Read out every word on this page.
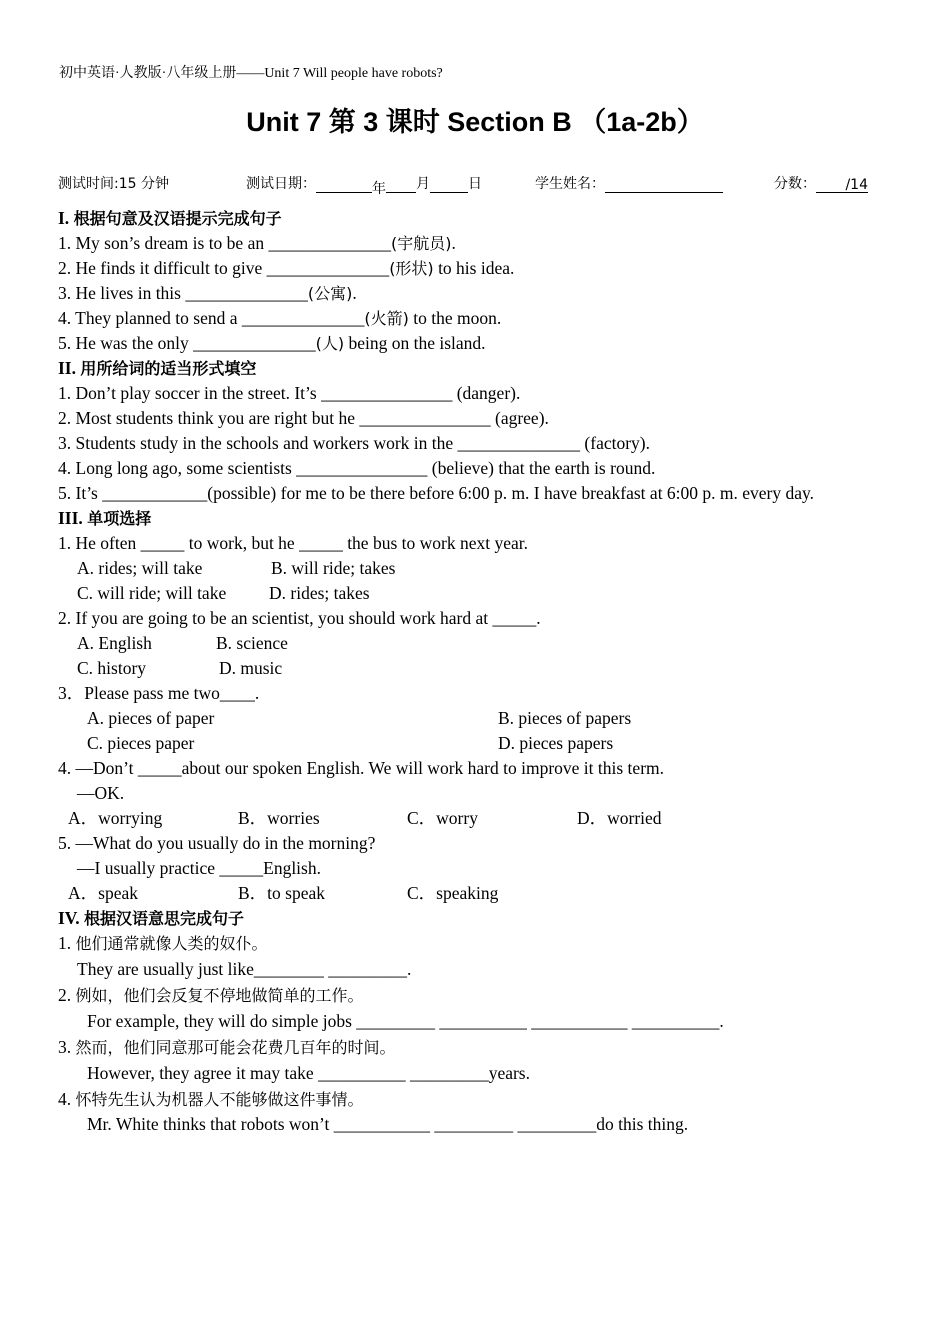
初中英语·人教版·八年级上册——Unit 7 Will people have robots?
Unit 7 第 3 课时 Section B （1a-2b）
测试时间:15 分钟	测试日期：	年 月	日	学生姓名：	分数： /14
I. 根据句意及汉语提示完成句子
1. My son’s dream is to be an ______________(宇航员).
2. He finds it difficult to give ______________(形状) to his idea.
3. He lives in this ______________(公寓).
4. They planned to send a ______________(火箭) to the moon.
5. He was the only ______________(人) being on the island.
II. 用所给词的适当形式填空
1. Don’t play soccer in the street. It’s _______________ (danger).
2. Most students think you are right but he _______________ (agree).
3. Students study in the schools and workers work in the ______________ (factory).
4. Long long ago, some scientists _______________ (believe) that the earth is round.
5. It’s ____________(possible) for me to be there before 6:00 p. m. I have breakfast at 6:00 p. m. every day.
III. 单项选择
1. He often _____ to work, but he _____ the bus to work next year.
A. rides; will take	B. will ride; takes
C. will ride; will take D. rides; takes
2. If you are going to be an scientist, you should work hard at _____.
A. English	B. science
C. history	D. music
3．Please pass me two____.
A. pieces of paper	B. pieces of papers
C. pieces paper	D. pieces papers
4. —Don’t _____about our spoken English. We will work hard to improve it this term.
—OK.
A．worrying	B．worries	C．worry	D．worried
5. —What do you usually do in the morning?
—I usually practice _____English.
A．speak	B．to speak	C．speaking
IV. 根据汉语意思完成句子
1. 他们通常就像人类的奴仆。
They are usually just like________ _________.
2. 例如，他们会反复不停地做简单的工作。
For example, they will do simple jobs _________ __________ ___________ __________.
3. 然而，他们同意那可能会花费几百年的时间。
However, they agree it may take __________ _________years.
4. 怀特先生认为机器人不能够做这件事情。
Mr. White thinks that robots won’t ___________ _________ _________do this thing.
